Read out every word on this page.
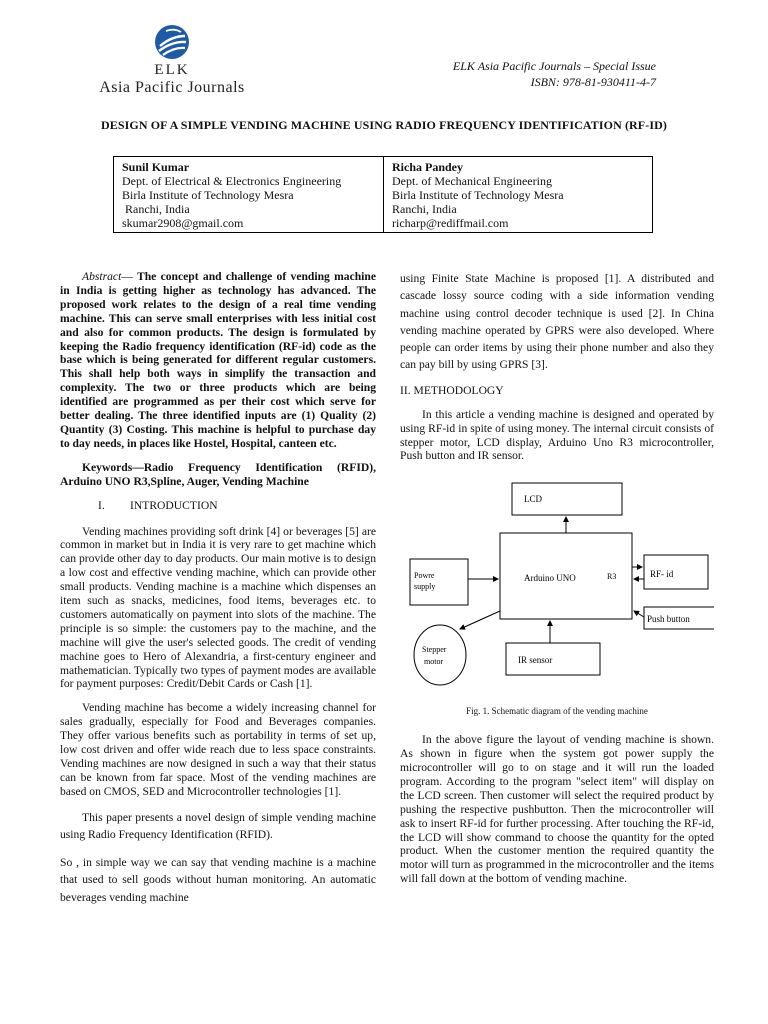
ELK
Asia Pacific Journals
ELK Asia Pacific Journals – Special Issue
ISBN: 978-81-930411-4-7
DESIGN OF A SIMPLE VENDING MACHINE USING RADIO FREQUENCY IDENTIFICATION (RF-ID)
Sunil Kumar
Dept. of Electrical & Electronics Engineering
Birla Institute of Technology Mesra
Ranchi, India
skumar2908@gmail.com
Richa Pandey
Dept. of Mechanical Engineering
Birla Institute of Technology Mesra
Ranchi, India
richarp@rediffmail.com

Abstract— The concept and challenge of vending machine in India is getting higher as technology has advanced. The proposed work relates to the design of a real time vending machine. This can serve small enterprises with less initial cost and also for common products. The design is formulated by keeping the Radio frequency identification (RF-id) code as the base which is being generated for different regular customers. This shall help both ways in simplify the transaction and complexity. The two or three products which are being identified are programmed as per their cost which serve for better dealing. The three identified inputs are (1) Quality (2) Quantity (3) Costing. This machine is helpful to purchase day to day needs, in places like Hostel, Hospital, canteen etc.

Keywords—Radio Frequency Identification (RFID), Arduino UNO R3,Spline, Auger, Vending Machine

I. INTRODUCTION

Vending machines providing soft drink [4] or beverages [5] are common in market but in India it is very rare to get machine which can provide other day to day products. Our main motive is to design a low cost and effective vending machine, which can provide other small products. Vending machine is a machine which dispenses an item such as snacks, medicines, food items, beverages etc. to customers automatically on payment into slots of the machine. The principle is so simple: the customers pay to the machine, and the machine will give the user's selected goods. The credit of vending machine goes to Hero of Alexandria, a first-century engineer and mathematician. Typically two types of payment modes are available for payment purposes: Credit/Debit Cards or Cash [1].

Vending machine has become a widely increasing channel for sales gradually, especially for Food and Beverages companies. They offer various benefits such as portability in terms of set up, low cost driven and offer wide reach due to less space constraints. Vending machines are now designed in such a way that their status can be known from far space. Most of the vending machines are based on CMOS, SED and Microcontroller technologies [1].

This paper presents a novel design of simple vending machine using Radio Frequency Identification (RFID).

So , in simple way we can say that vending machine is a machine that used to sell goods without human monitoring. An automatic beverages vending machine

using Finite State Machine is proposed [1]. A distributed and cascade lossy source coding with a side information vending machine using control decoder technique is used [2]. In China vending machine operated by GPRS were also developed. Where people can order items by using their phone number and also they can pay bill by using GPRS [3].

II. METHODOLOGY

In this article a vending machine is designed and operated by using RF-id in spite of using money. The internal circuit consists of stepper motor, LCD display, Arduino Uno R3 microcontroller, Push button and IR sensor.

LCD
Arduino UNO	R3
Powre
supply
RF- id
Push button
Stepper
motor	IR sensor

Fig. 1. Schematic diagram of the vending machine

In the above figure the layout of vending machine is shown. As shown in figure when the system got power supply the microcontroller will go to on stage and it will run the loaded program. According to the program "select item" will display on the LCD screen. Then customer will select the required product by pushing the respective pushbutton. Then the microcontroller will ask to insert RF-id for further processing. After touching the RF-id, the LCD will show command to choose the quantity for the opted product. When the customer mention the required quantity the motor will turn as programmed in the microcontroller and the items will fall down at the bottom of vending machine.
